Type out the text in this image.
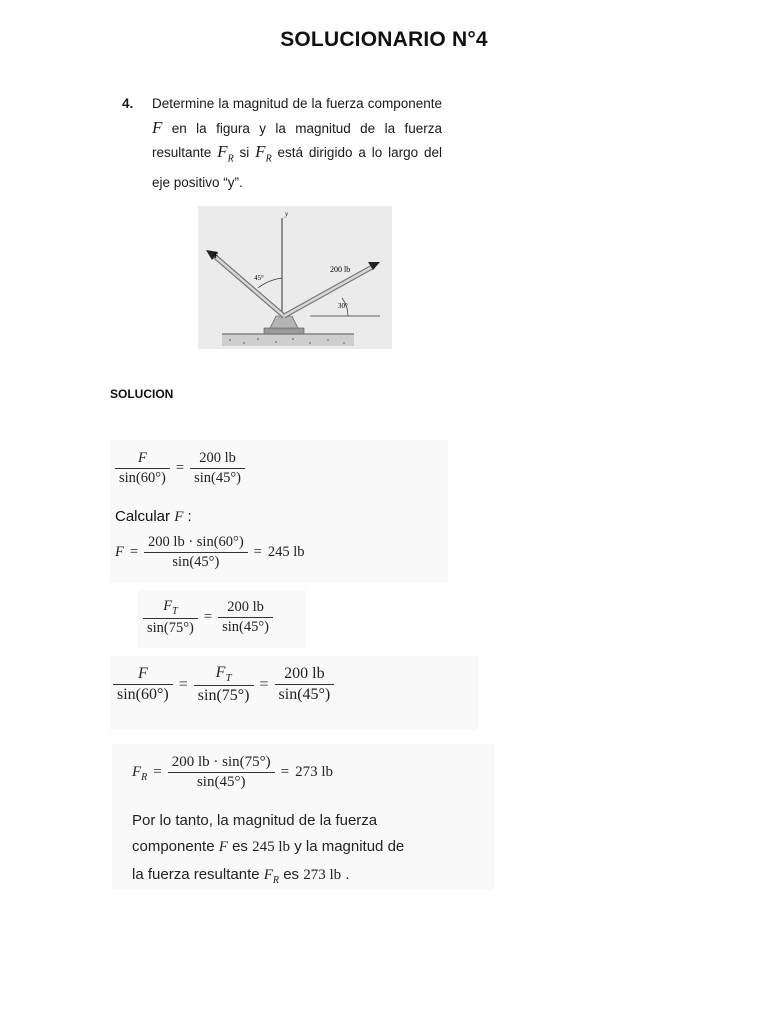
SOLUCIONARIO N°4
4. Determine la magnitud de la fuerza componente F en la figura y la magnitud de la fuerza resultante $F_R$ si $F_R$ está dirigido a lo largo del eje positivo “y”.
y
F
45°
200 lb
30°
SOLUCION
$\frac{F}{\sin(60^\circ)} = \frac{200 lb}{\sin(45^\circ)}$
Calcular F :
$F = \frac{200 lb \cdot \sin(60^\circ)}{\sin(45^\circ)} = 245$ lb
$\frac{F_T}{\sin(75^\circ)} = \frac{200 lb}{\sin(45^\circ)}$
$\frac{F}{\sin(60^\circ)} = \frac{F_T}{\sin(75^\circ)} = \frac{200 lb}{\sin(45^\circ)}$
$F_R = \frac{200 lb \cdot \sin(75^\circ)}{\sin(45^\circ)} = 273$ lb
Por lo tanto, la magnitud de la fuerza
componente F es 245 lb y la magnitud de
la fuerza resultante $F_R$ es 273 lb .
